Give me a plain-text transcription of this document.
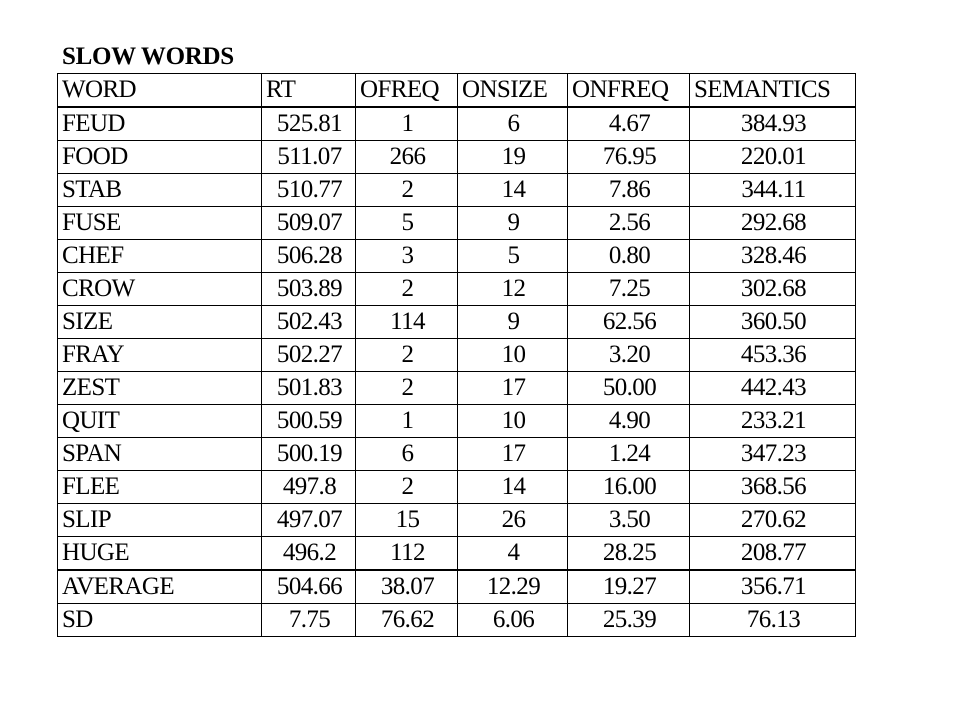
SLOW WORDS
WORD	RT	OFREQ	ONSIZE	ONFREQ	SEMANTICS
FEUD	525.81	1	6	4.67	384.93
FOOD	511.07	266	19	76.95	220.01
STAB	510.77	2	14	7.86	344.11
FUSE	509.07	5	9	2.56	292.68
CHEF	506.28	3	5	0.80	328.46
CROW	503.89	2	12	7.25	302.68
SIZE	502.43	114	9	62.56	360.50
FRAY	502.27	2	10	3.20	453.36
ZEST	501.83	2	17	50.00	442.43
QUIT	500.59	1	10	4.90	233.21
SPAN	500.19	6	17	1.24	347.23
FLEE	497.8	2	14	16.00	368.56
SLIP	497.07	15	26	3.50	270.62
HUGE	496.2	112	4	28.25	208.77
AVERAGE	504.66	38.07	12.29	19.27	356.71
SD	7.75	76.62	6.06	25.39	76.13
